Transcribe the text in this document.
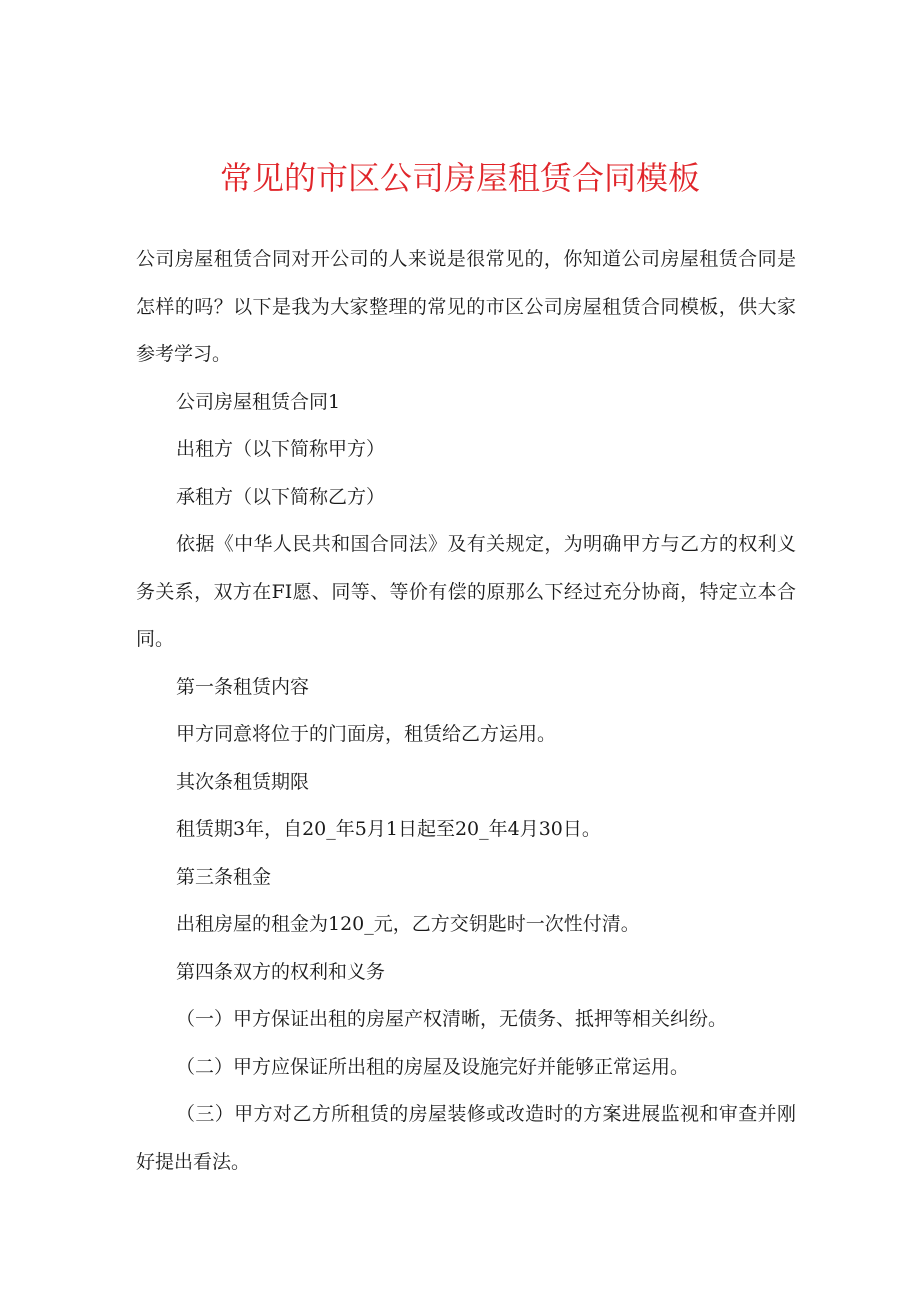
常见的市区公司房屋租赁合同模板

公司房屋租赁合同对开公司的人来说是很常见的，你知道公司房屋租赁合同是怎样的吗？以下是我为大家整理的常见的市区公司房屋租赁合同模板，供大家参考学习。

公司房屋租赁合同1

出租方（以下简称甲方）

承租方（以下简称乙方）

依据《中华人民共和国合同法》及有关规定，为明确甲方与乙方的权利义务关系，双方在FI愿、同等、等价有偿的原那么下经过充分协商，特定立本合同。

第一条租赁内容

甲方同意将位于的门面房，租赁给乙方运用。

其次条租赁期限

租赁期3年，自20_年5月1日起至20_年4月30日。

第三条租金

出租房屋的租金为120_元，乙方交钥匙时一次性付清。

第四条双方的权利和义务

（一）甲方保证出租的房屋产权清晰，无债务、抵押等相关纠纷。

（二）甲方应保证所出租的房屋及设施完好并能够正常运用。

（三）甲方对乙方所租赁的房屋装修或改造时的方案进展监视和审查并刚好提出看法。
